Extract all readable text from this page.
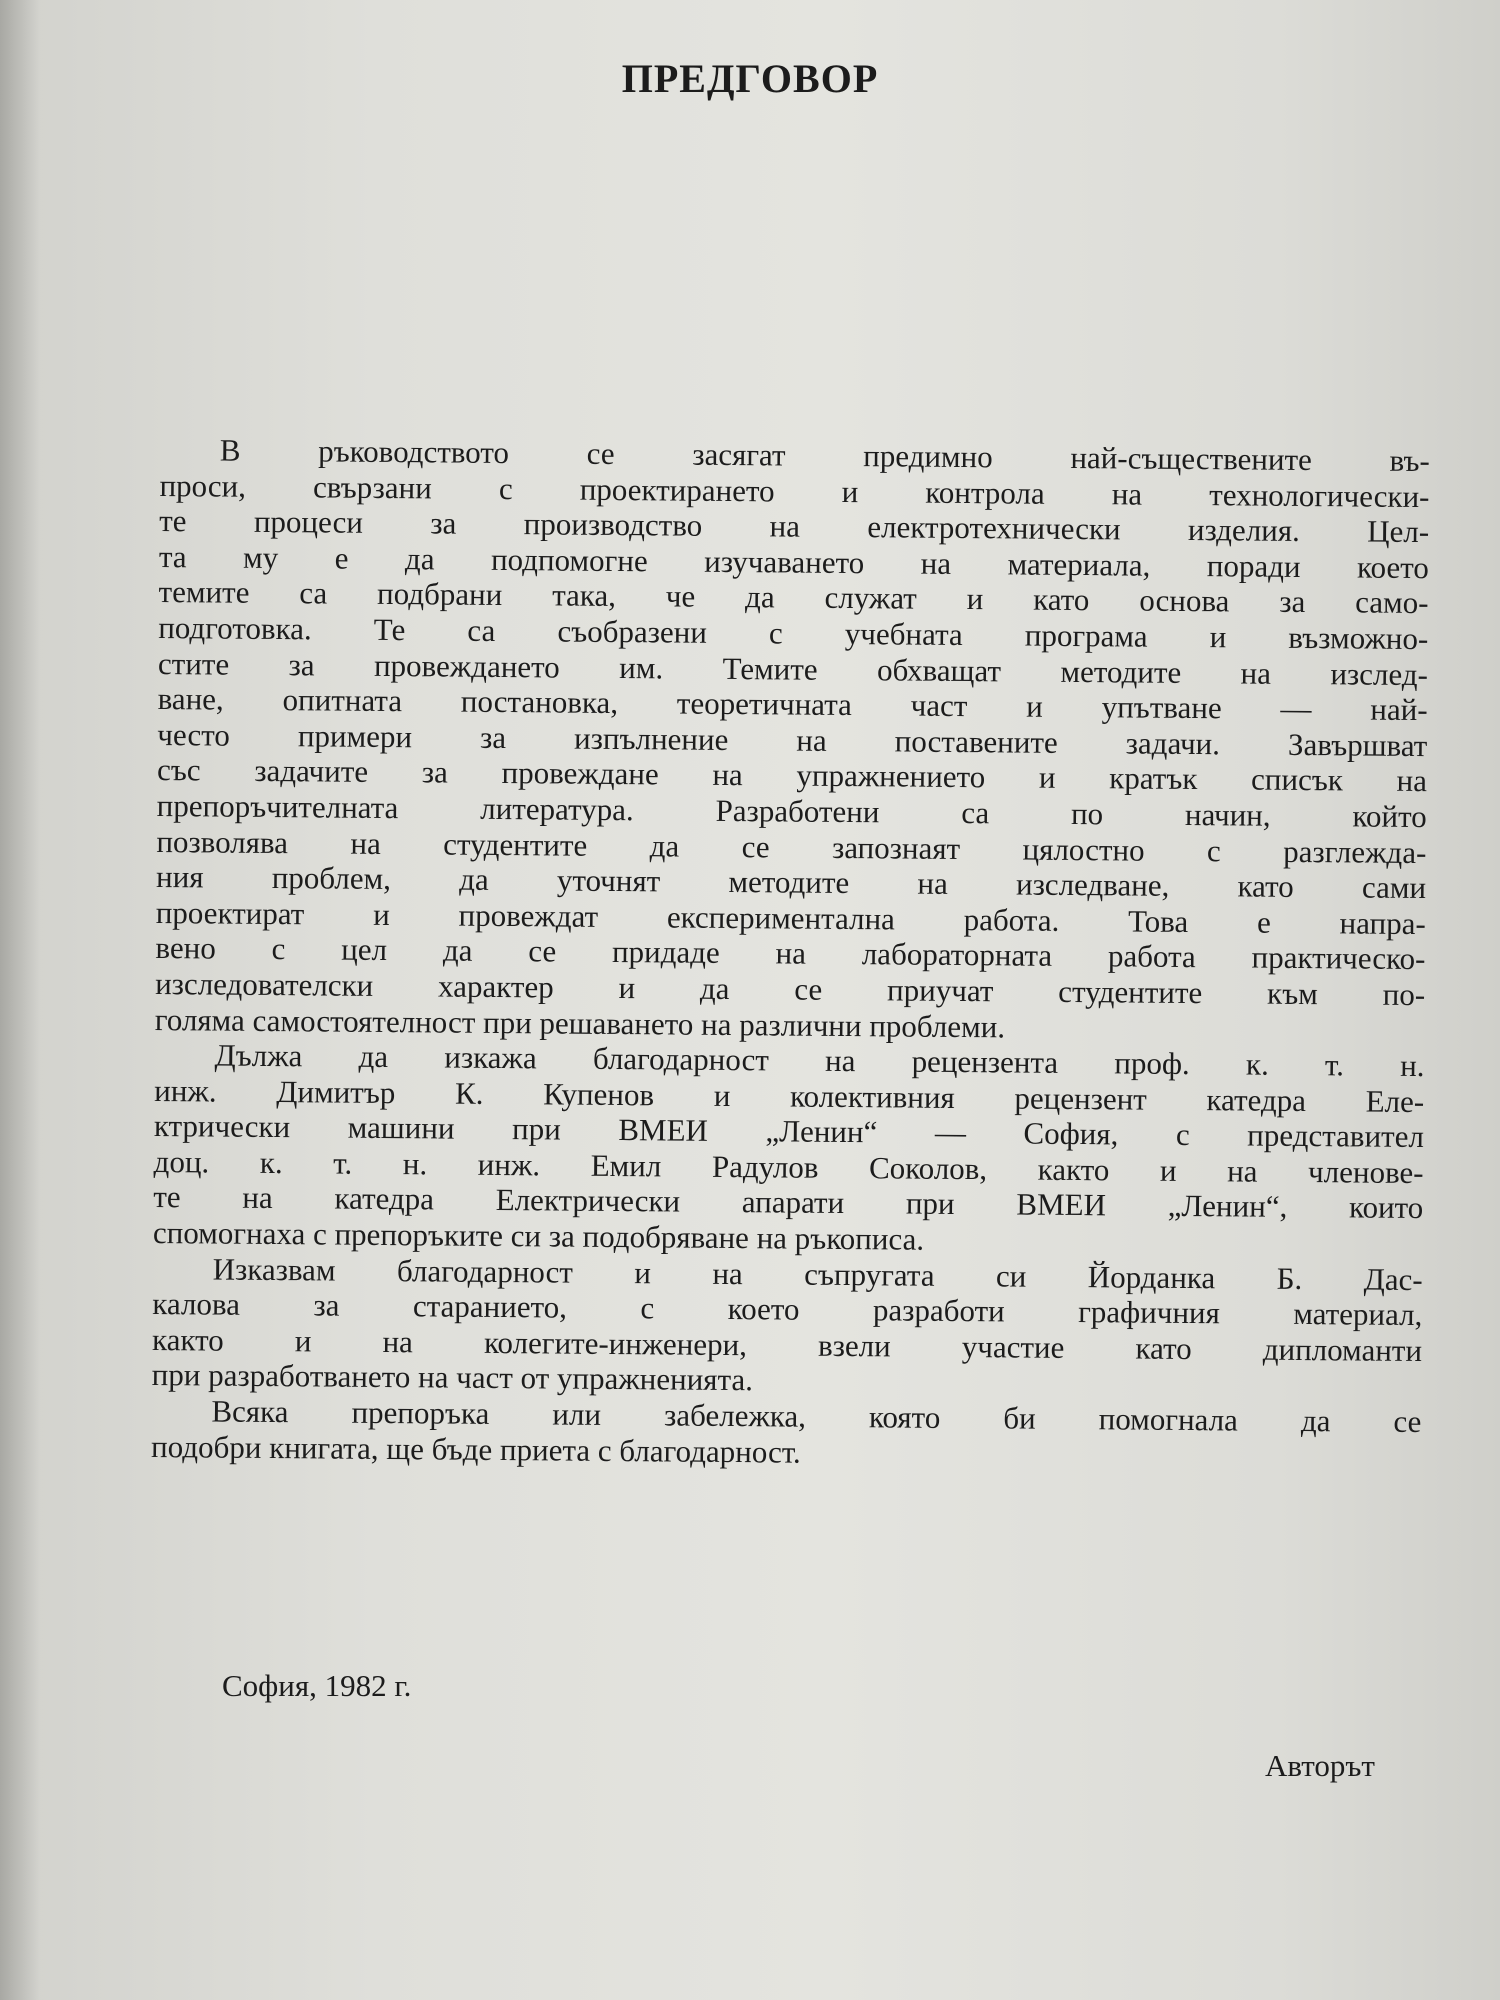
ПРЕДГОВОР
В ръководството се засягат предимно най-съществените въ-
проси, свързани с проектирането и контрола на технологически-
те процеси за производство на електротехнически изделия. Цел-
та му е да подпомогне изучаването на материала, поради което
темите са подбрани така, че да служат и като основа за само-
подготовка. Те са съобразени с учебната програма и възможно-
стите за провеждането им. Темите обхващат методите на изслед-
ване, опитната постановка, теоретичната част и упътване — най-
често примери за изпълнение на поставените задачи. Завършват
със задачите за провеждане на упражнението и кратък списък на
препоръчителната литература. Разработени са по начин, който
позволява на студентите да се запознаят цялостно с разглежда-
ния проблем, да уточнят методите на изследване, като сами
проектират и провеждат експериментална работа. Това е напра-
вено с цел да се придаде на лабораторната работа практическо-
изследователски характер и да се приучат студентите към по-
голяма самостоятелност при решаването на различни проблеми.
Дължа да изкажа благодарност на рецензента проф. к. т. н.
инж. Димитър К. Купенов и колективния рецензент катедра Еле-
ктрически машини при ВМЕИ „Ленин“ — София, с представител
доц. к. т. н. инж. Емил Радулов Соколов, както и на членове-
те на катедра Електрически апарати при ВМЕИ „Ленин“, които
спомогнаха с препоръките си за подобряване на ръкописа.
Изказвам благодарност и на съпругата си Йорданка Б. Дас-
калова за старанието, с което разработи графичния материал,
както и на колегите-инженери, взели участие като дипломанти
при разработването на част от упражненията.
Всяка препоръка или забележка, която би помогнала да се
подобри книгата, ще бъде приета с благодарност.
София, 1982 г.
Авторът
